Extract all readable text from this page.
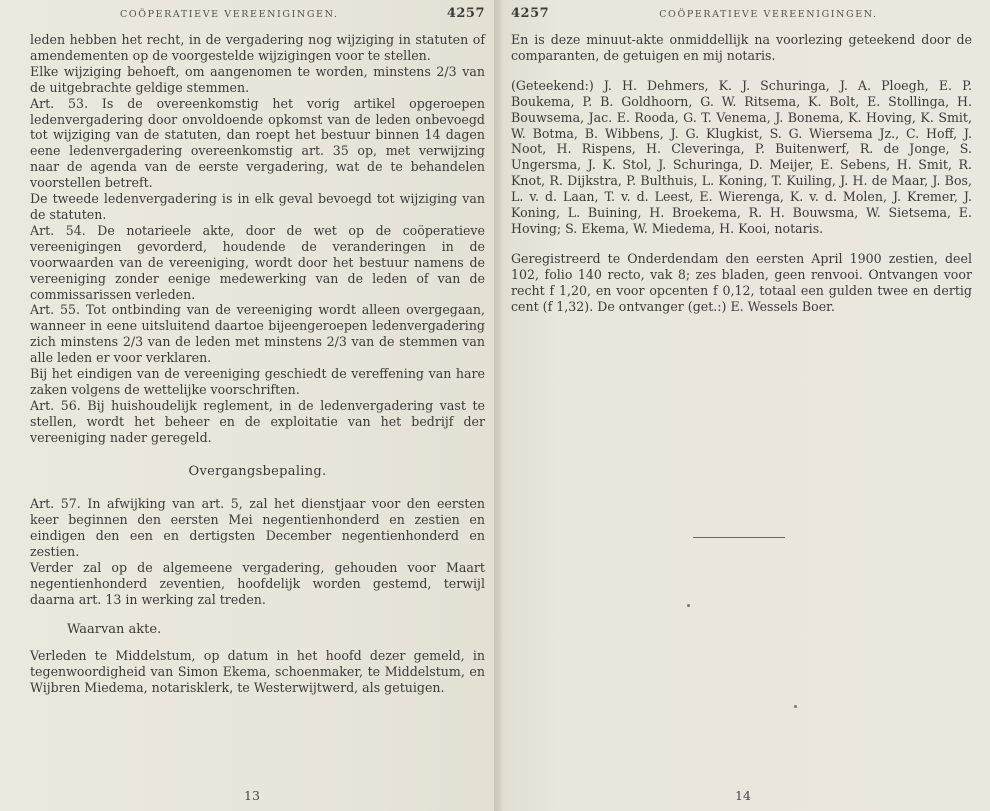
COÖPERATIEVE VEREENIGINGEN.	4257

leden hebben het recht, in de vergadering nog wijziging in statuten of amendementen op de voorgestelde wijzigingen voor te stellen.

Elke wijziging behoeft, om aangenomen te worden, minstens 2/3 van de uitgebrachte geldige stemmen.

Art. 53. Is de overeenkomstig het vorig artikel opgeroepen ledenvergadering door onvoldoende opkomst van de leden onbevoegd tot wijziging van de statuten, dan roept het bestuur binnen 14 dagen eene ledenvergadering overeenkomstig art. 35 op, met verwijzing naar de agenda van de eerste vergadering, wat de te behandelen voorstellen betreft.

De tweede ledenvergadering is in elk geval bevoegd tot wijziging van de statuten.

Art. 54. De notarieele akte, door de wet op de coöperatieve vereenigingen gevorderd, houdende de veranderingen in de voorwaarden van de vereeniging, wordt door het bestuur namens de vereeniging zonder eenige medewerking van de leden of van de commissarissen verleden.

Art. 55. Tot ontbinding van de vereeniging wordt alleen overgegaan, wanneer in eene uitsluitend daartoe bijeengeroepen ledenvergadering zich minstens 2/3 van de leden met minstens 2/3 van de stemmen van alle leden er voor verklaren.

Bij het eindigen van de vereeniging geschiedt de vereffening van hare zaken volgens de wettelijke voorschriften.

Art. 56. Bij huishoudelijk reglement, in de ledenvergadering vast te stellen, wordt het beheer en de exploitatie van het bedrijf der vereeniging nader geregeld.

Overgangsbepaling.

Art. 57. In afwijking van art. 5, zal het dienstjaar voor den eersten keer beginnen den eersten Mei negentienhonderd en zestien en eindigen den een en dertigsten December negentienhonderd en zestien.

Verder zal op de algemeene vergadering, gehouden voor Maart negentienhonderd zeventien, hoofdelijk worden gestemd, terwijl daarna art. 13 in werking zal treden.

Waarvan akte.

Verleden te Middelstum, op datum in het hoofd dezer gemeld, in tegenwoordigheid van Simon Ekema, schoenmaker, te Middelstum, en Wijbren Miedema, notarisklerk, te Westerwijtwerd, als getuigen.

13
4257	COÖPERATIEVE VEREENIGINGEN.

En is deze minuut-akte onmiddellijk na voorlezing geteekend door de comparanten, de getuigen en mij notaris.

(Geteekend:) J. H. Dehmers, K. J. Schuringa, J. A. Ploegh, E. P. Boukema, P. B. Goldhoorn, G. W. Ritsema, K. Bolt, E. Stollinga, H. Bouwsema, Jac. E. Rooda, G. T. Venema, J. Bonema, K. Hoving, K. Smit, W. Botma, B. Wibbens, J. G. Klugkist, S. G. Wiersema Jz., C. Hoff, J. Noot, H. Rispens, H. Cleveringa, P. Buitenwerf, R. de Jonge, S. Ungersma, J. K. Stol, J. Schuringa, D. Meijer, E. Sebens, H. Smit, R. Knot, R. Dijkstra, P. Bulthuis, L. Koning, T. Kuiling, J. H. de Maar, J. Bos, L. v. d. Laan, T. v. d. Leest, E. Wierenga, K. v. d. Molen, J. Kremer, J. Koning, L. Buining, H. Broekema, R. H. Bouwsma, W. Sietsema, E. Hoving; S. Ekema, W. Miedema, H. Kooi, notaris.

Geregistreerd te Onderdendam den eersten April 1900 zestien, deel 102, folio 140 recto, vak 8; zes bladen, geen renvooi. Ontvangen voor recht f 1,20, en voor opcenten f 0,12, totaal een gulden twee en dertig cent (f 1,32). De ontvanger (get.:) E. Wessels Boer.

14
